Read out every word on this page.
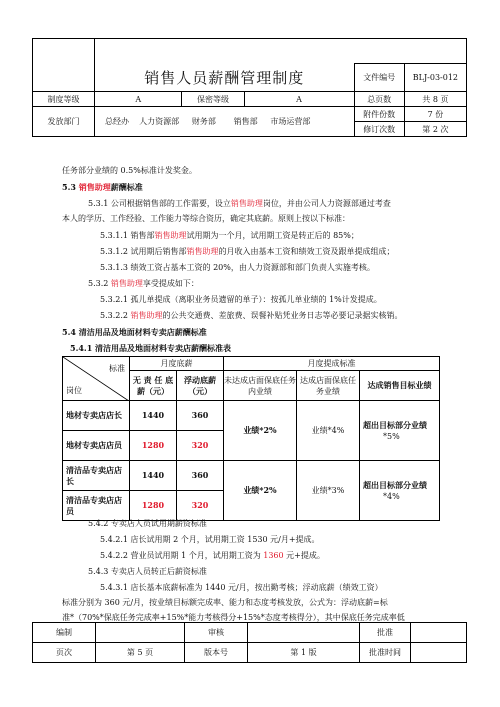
	销售人员薪酬管理制度			文件编号	BLJ-03-012
制度等级	A	保密等级	A	总页数	共 8 页
发放部门	总经办 人力资源部 财务部 销售部 市场运营部			附件份数	7 份
				修订次数	第 2 次
任务部分业绩的 0.5%标准计发奖金。
5.3 销售助理薪酬标准
5.3.1 公司根据销售部的工作需要，设立销售助理岗位，并由公司人力资源部通过考查
本人的学历、工作经验、工作能力等综合资历，确定其底薪。原则上按以下标准：
5.3.1.1 销售部销售助理试用期为一个月，试用期工资是转正后的 85%；
5.3.1.2 试用期后销售部销售助理的月收入由基本工资和绩效工资及跟单提成组成；
5.3.1.3 绩效工资占基本工资的 20%，由人力资源部和部门负责人实施考核。
5.3.2 销售助理享受提成如下：
5.3.2.1 孤儿单提成（离职业务员遗留的单子）：按孤儿单业绩的 1%计发提成。
5.3.2.2 销售助理的公共交通费、差旅费、误餐补贴凭业务日志等必要记录据实核销。
5.4 清洁用品及地面材料专卖店薪酬标准
5.4.1 清洁用品及地面材料专卖店薪酬标准表
标准
岗位	月度底薪		月度提成标准		
	无 责 任 底薪（元）	浮动底薪（元）	未达成店面保底任务内业绩	达成店面保底任务业绩	达成销售目标业绩
地材专卖店店长	1440	360	业绩*2%	业绩*4%	超出目标部分业绩
*5%

地材专卖店店员	1280	320			
清洁品专卖店店长	1440	360	业绩*2%	业绩*3%	超出目标部分业绩
*4%

清洁品专卖店店员	1280	320			
5.4.2 专卖店人员试用期薪资标准
5.4.2.1 店长试用期 2 个月，试用期工资 1530 元/月+提成。
5.4.2.2 营业员试用期 1 个月，试用期工资为 1360 元+提成。
5.4.3 专卖店人员转正后薪资标准
5.4.3.1 店长基本底薪标准为 1440 元/月，按出勤考核；浮动底薪（绩效工资）
标准分别为 360 元/月，按业绩目标额完成率、能力和态度考核发放，公式为：浮动底薪=标
准*（70%*保底任务完成率+15%*能力考核得分+15%*态度考核得分），其中保底任务完成率低
编制		审核		批准	
页次	第 5 页	版本号	第 1 版	批准时间	
